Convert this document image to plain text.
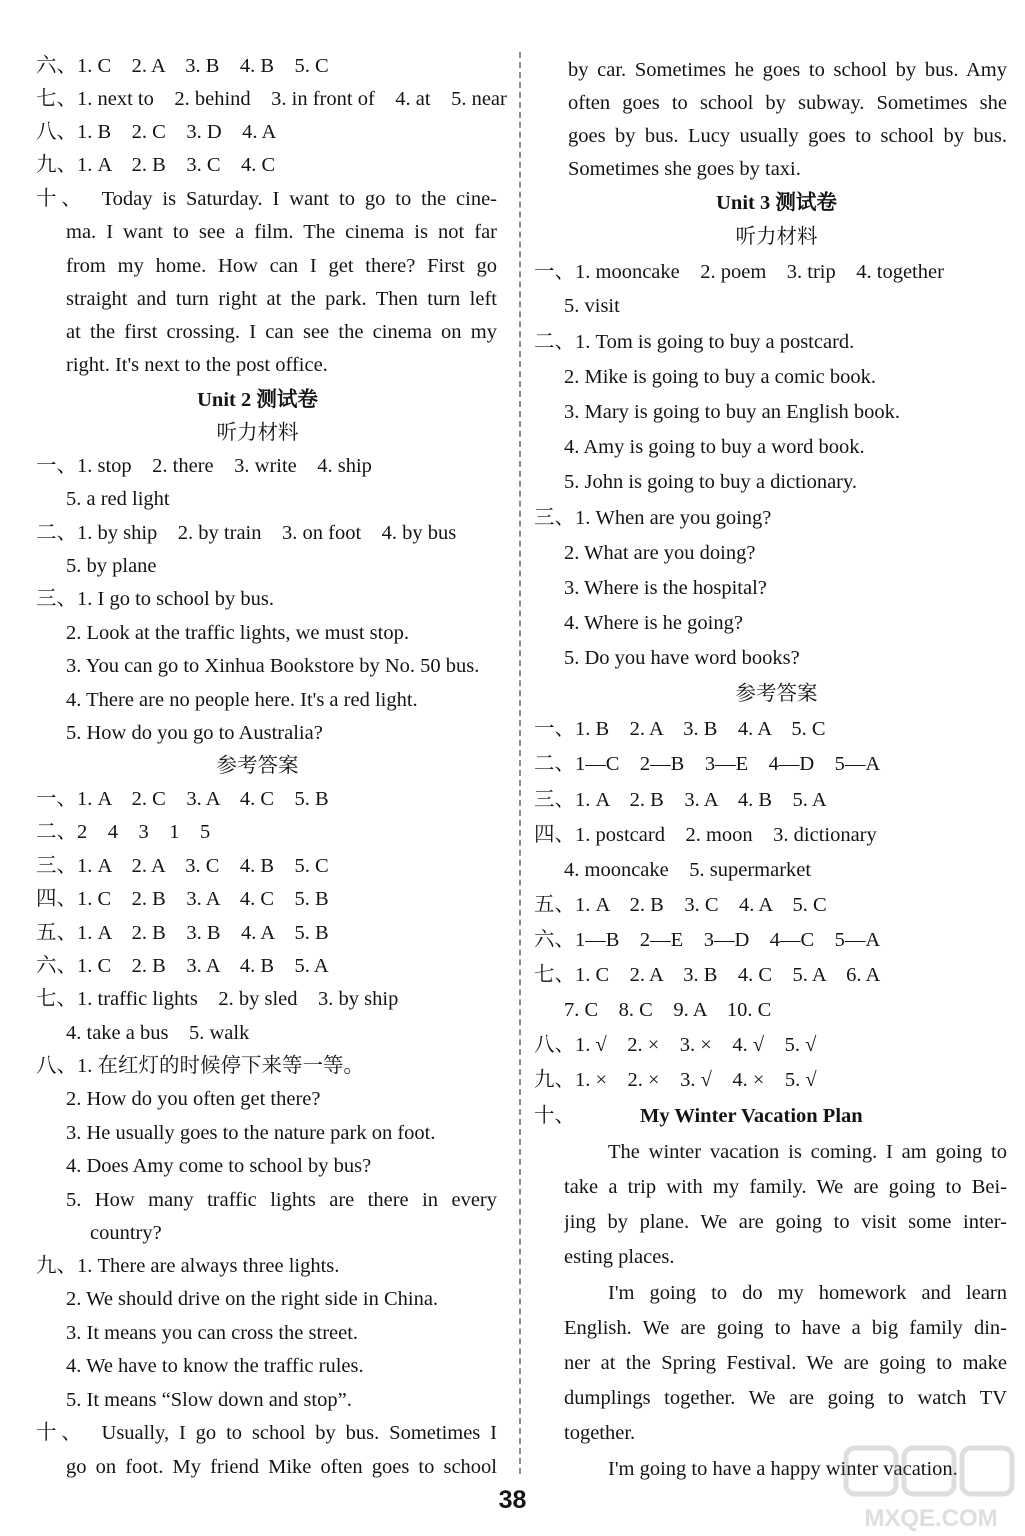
六、1. C　2. A　3. B　4. B　5. C
七、1. next to　2. behind　3. in front of　4. at　5. near
八、1. B　2. C　3. D　4. A
九、1. A　2. B　3. C　4. C
十、　Today is Saturday. I want to go to the cine-
ma. I want to see a film. The cinema is not far
from my home. How can I get there? First go
straight and turn right at the park. Then turn left
at the first crossing. I can see the cinema on my
right. It's next to the post office.
Unit 2 测试卷
听力材料
一、1. stop　2. there　3. write　4. ship
5. a red light
二、1. by ship　2. by train　3. on foot　4. by bus
5. by plane
三、1. I go to school by bus.
2. Look at the traffic lights, we must stop.
3. You can go to Xinhua Bookstore by No. 50 bus.
4. There are no people here. It's a red light.
5. How do you go to Australia?
参考答案
一、1. A　2. C　3. A　4. C　5. B
二、2　4　3　1　5
三、1. A　2. A　3. C　4. B　5. C
四、1. C　2. B　3. A　4. C　5. B
五、1. A　2. B　3. B　4. A　5. B
六、1. C　2. B　3. A　4. B　5. A
七、1. traffic lights　2. by sled　3. by ship
4. take a bus　5. walk
八、1. 在红灯的时候停下来等一等。
2. How do you often get there?
3. He usually goes to the nature park on foot.
4. Does Amy come to school by bus?
5. How many traffic lights are there in every
country?
九、1. There are always three lights.
2. We should drive on the right side in China.
3. It means you can cross the street.
4. We have to know the traffic rules.
5. It means “Slow down and stop”.
十、　Usually, I go to school by bus. Sometimes I
go on foot. My friend Mike often goes to school
by car. Sometimes he goes to school by bus. Amy
often goes to school by subway. Sometimes she
goes by bus. Lucy usually goes to school by bus.
Sometimes she goes by taxi.
Unit 3 测试卷
听力材料
一、1. mooncake　2. poem　3. trip　4. together
5. visit
二、1. Tom is going to buy a postcard.
2. Mike is going to buy a comic book.
3. Mary is going to buy an English book.
4. Amy is going to buy a word book.
5. John is going to buy a dictionary.
三、1. When are you going?
2. What are you doing?
3. Where is the hospital?
4. Where is he going?
5. Do you have word books?
参考答案
一、1. B　2. A　3. B　4. A　5. C
二、1—C　2—B　3—E　4—D　5—A
三、1. A　2. B　3. A　4. B　5. A
四、1. postcard　2. moon　3. dictionary
4. mooncake　5. supermarket
五、1. A　2. B　3. C　4. A　5. C
六、1—B　2—E　3—D　4—C　5—A
七、1. C　2. A　3. B　4. C　5. A　6. A
7. C　8. C　9. A　10. C
八、1. √　2. ×　3. ×　4. √　5. √
九、1. ×　2. ×　3. √　4. ×　5. √
十、	My Winter Vacation Plan
The winter vacation is coming. I am going to
take a trip with my family. We are going to Bei-
jing by plane. We are going to visit some inter-
esting places.
I'm going to do my homework and learn
English. We are going to have a big family din-
ner at the Spring Festival. We are going to make
dumplings together. We are going to watch TV
together.
I'm going to have a happy winter vacation.
38
MXQE.COM
